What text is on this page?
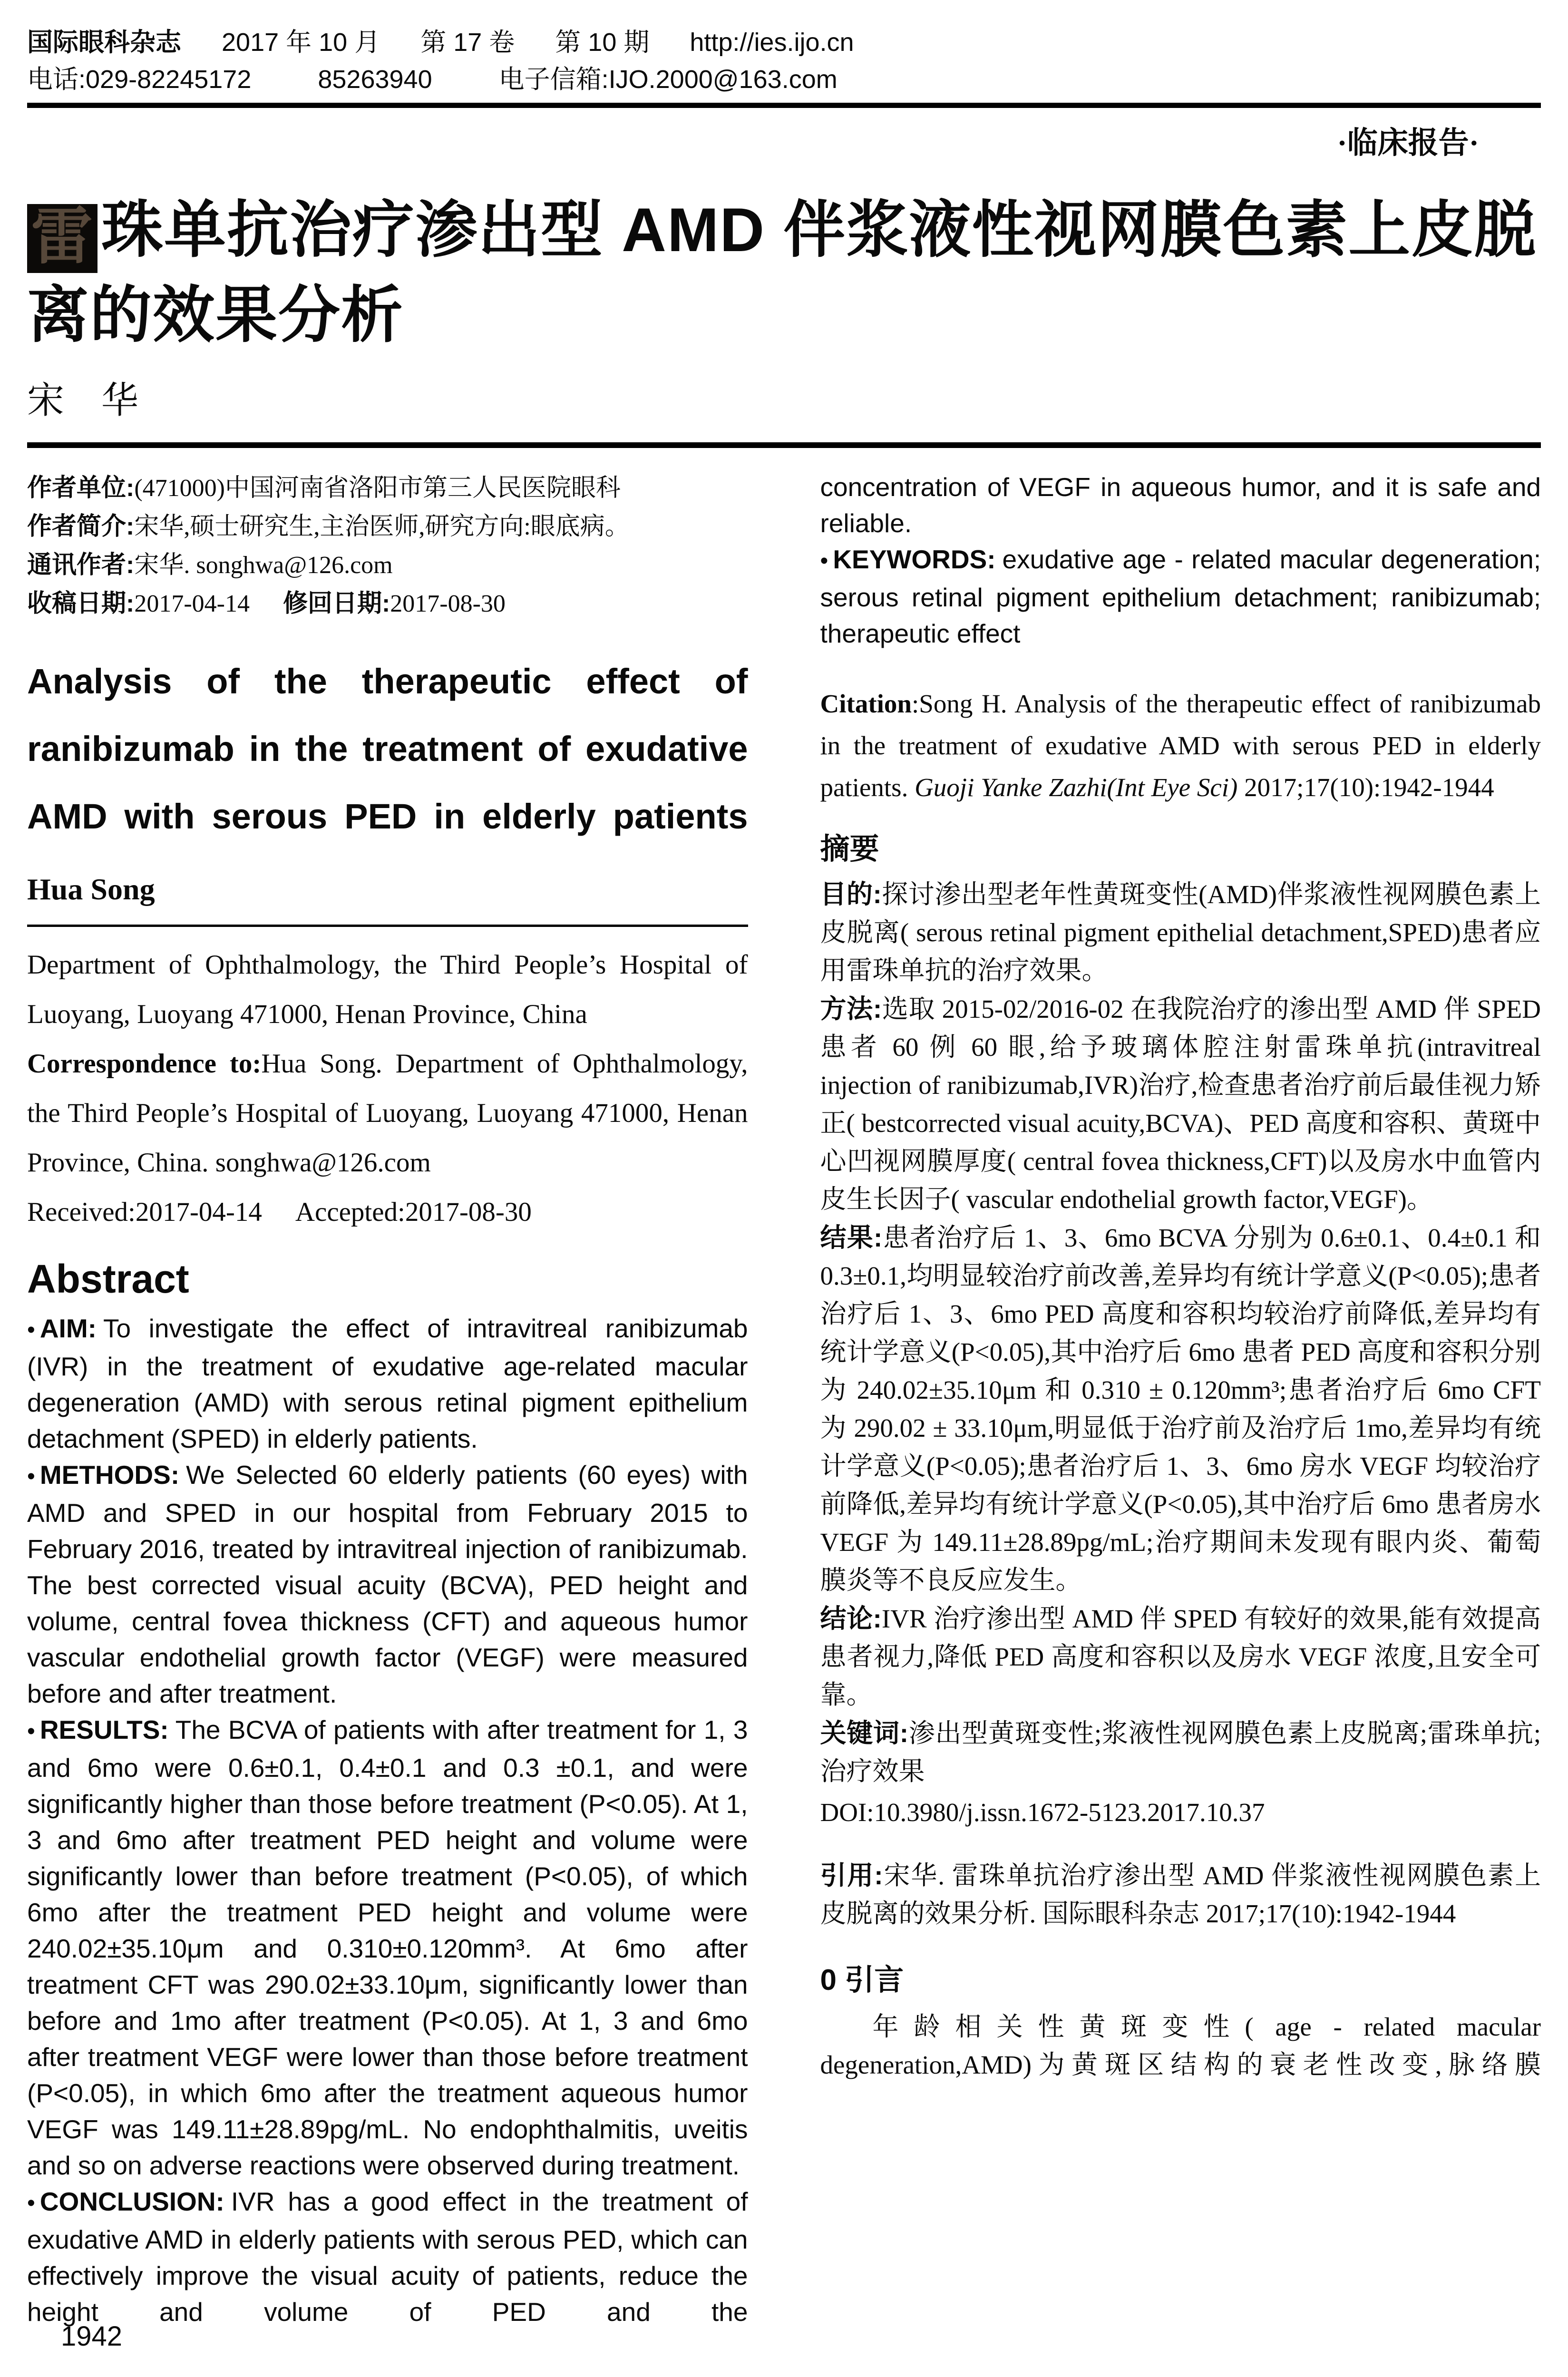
国际眼科杂志 2017 年 10 月 第 17 卷 第 10 期 http://ies.ijo.cn
电话:029-82245172	85263940	电子信箱:IJO.2000@163.com
·临床报告·
雷 珠单抗治疗渗出型 AMD 伴浆液性视网膜色素上皮脱
离的效果分析
宋　华

作者单位:(471000)中国河南省洛阳市第三人民医院眼科

作者简介:宋华,硕士研究生,主治医师,研究方向:眼底病。

通讯作者:宋华. songhwa@126.com

收稿日期:2017-04-14 修回日期:2017-08-30

Analysis of the therapeutic effect of ranibizumab in the treatment of exudative AMD with serous PED in elderly patients
Hua Song

Department of Ophthalmology, the Third People’s Hospital of Luoyang, Luoyang 471000, Henan Province, China

Correspondence to:Hua Song. Department of Ophthalmology, the Third People’s Hospital of Luoyang, Luoyang 471000, Henan Province, China. songhwa@126.com

Received:2017-04-14 Accepted:2017-08-30

Abstract

• AIM: To investigate the effect of intravitreal ranibizumab (IVR) in the treatment of exudative age-related macular degeneration (AMD) with serous retinal pigment epithelium detachment (SPED) in elderly patients.

• METHODS: We Selected 60 elderly patients (60 eyes) with AMD and SPED in our hospital from February 2015 to February 2016, treated by intravitreal injection of ranibizumab. The best corrected visual acuity (BCVA), PED height and volume, central fovea thickness (CFT) and aqueous humor vascular endothelial growth factor (VEGF) were measured before and after treatment.

• RESULTS: The BCVA of patients with after treatment for 1, 3 and 6mo were 0.6±0.1, 0.4±0.1 and 0.3 ±0.1, and were significantly higher than those before treatment (P<0.05). At 1, 3 and 6mo after treatment PED height and volume were significantly lower than before treatment (P<0.05), of which 6mo after the treatment PED height and volume were 240.02±35.10μm and 0.310±0.120mm³. At 6mo after treatment CFT was 290.02±33.10μm, significantly lower than before and 1mo after treatment (P<0.05). At 1, 3 and 6mo after treatment VEGF were lower than those before treatment (P<0.05), in which 6mo after the treatment aqueous humor VEGF was 149.11±28.89pg/mL. No endophthalmitis, uveitis and so on adverse reactions were observed during treatment.

• CONCLUSION: IVR has a good effect in the treatment of exudative AMD in elderly patients with serous PED, which can effectively improve the visual acuity of patients, reduce the height and volume of PED and the

concentration of VEGF in aqueous humor, and it is safe and reliable.

• KEYWORDS: exudative age - related macular degeneration; serous retinal pigment epithelium detachment; ranibizumab; therapeutic effect

Citation:Song H. Analysis of the therapeutic effect of ranibizumab in the treatment of exudative AMD with serous PED in elderly patients. Guoji Yanke Zazhi(Int Eye Sci) 2017;17(10):1942-1944

摘要

目的:探讨渗出型老年性黄斑变性(AMD)伴浆液性视网膜色素上皮脱离( serous retinal pigment epithelial detachment,SPED)患者应用雷珠单抗的治疗效果。

方法:选取 2015-02/2016-02 在我院治疗的渗出型 AMD 伴 SPED 患者 60 例 60 眼,给予玻璃体腔注射雷珠单抗(intravitreal injection of ranibizumab,IVR)治疗,检查患者治疗前后最佳视力矫正( bestcorrected visual acuity,BCVA)、PED 高度和容积、黄斑中心凹视网膜厚度( central fovea thickness,CFT)以及房水中血管内皮生长因子( vascular endothelial growth factor,VEGF)。

结果:患者治疗后 1、3、6mo BCVA 分别为 0.6±0.1、0.4±0.1 和 0.3±0.1,均明显较治疗前改善,差异均有统计学意义(P<0.05);患者治疗后 1、3、6mo PED 高度和容积均较治疗前降低,差异均有统计学意义(P<0.05),其中治疗后 6mo 患者 PED 高度和容积分别为 240.02±35.10μm 和 0.310 ± 0.120mm³;患者治疗后 6mo CFT 为 290.02 ± 33.10μm,明显低于治疗前及治疗后 1mo,差异均有统计学意义(P<0.05);患者治疗后 1、3、6mo 房水 VEGF 均较治疗前降低,差异均有统计学意义(P<0.05),其中治疗后 6mo 患者房水 VEGF 为 149.11±28.89pg/mL;治疗期间未发现有眼内炎、葡萄膜炎等不良反应发生。

结论:IVR 治疗渗出型 AMD 伴 SPED 有较好的效果,能有效提高患者视力,降低 PED 高度和容积以及房水 VEGF 浓度,且安全可靠。

关键词:渗出型黄斑变性;浆液性视网膜色素上皮脱离;雷珠单抗;治疗效果

DOI:10.3980/j.issn.1672-5123.2017.10.37

引用:宋华. 雷珠单抗治疗渗出型 AMD 伴浆液性视网膜色素上皮脱离的效果分析. 国际眼科杂志 2017;17(10):1942-1944

0 引言

年龄相关性黄斑变性( age - related macular degeneration,AMD)为黄斑区结构的衰老性改变,脉络膜

1942
